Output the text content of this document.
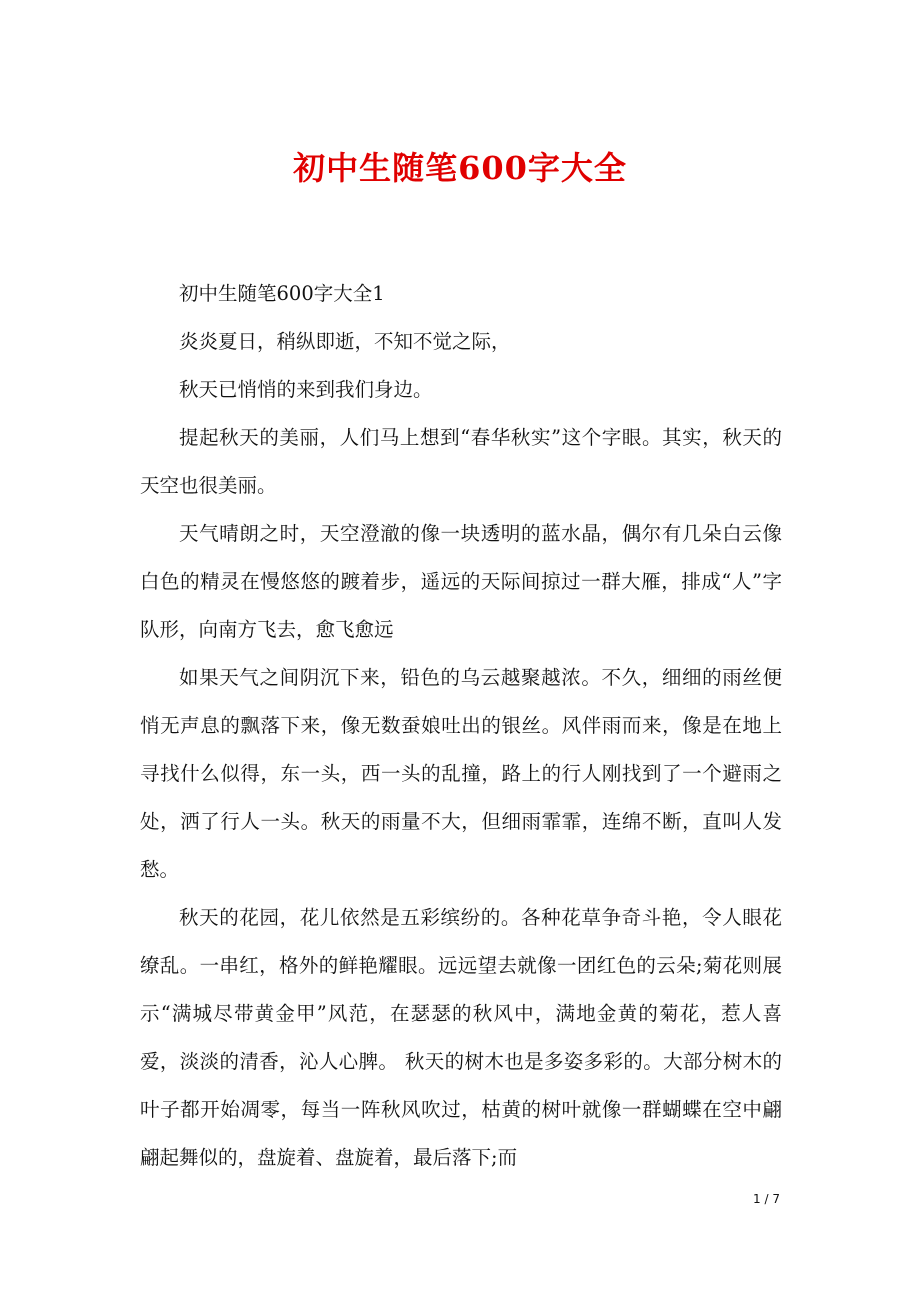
初中生随笔600字大全

初中生随笔600字大全1

炎炎夏日，稍纵即逝，不知不觉之际，

秋天已悄悄的来到我们身边。

提起秋天的美丽，人们马上想到“春华秋实”这个字眼。其实，秋天的天空也很美丽。

天气晴朗之时，天空澄澈的像一块透明的蓝水晶，偶尔有几朵白云像白色的精灵在慢悠悠的踱着步，遥远的天际间掠过一群大雁，排成“人”字队形，向南方飞去，愈飞愈远

如果天气之间阴沉下来，铅色的乌云越聚越浓。不久，细细的雨丝便悄无声息的飘落下来，像无数蚕娘吐出的银丝。风伴雨而来，像是在地上寻找什么似得，东一头，西一头的乱撞，路上的行人刚找到了一个避雨之处，洒了行人一头。秋天的雨量不大，但细雨霏霏，连绵不断，直叫人发愁。

秋天的花园，花儿依然是五彩缤纷的。各种花草争奇斗艳，令人眼花缭乱。一串红，格外的鲜艳耀眼。远远望去就像一团红色的云朵;菊花则展示“满城尽带黄金甲”风范，在瑟瑟的秋风中，满地金黄的菊花，惹人喜爱，淡淡的清香，沁人心脾。 秋天的树木也是多姿多彩的。大部分树木的叶子都开始凋零，每当一阵秋风吹过，枯黄的树叶就像一群蝴蝶在空中翩翩起舞似的，盘旋着、盘旋着，最后落下;而

1 / 7
